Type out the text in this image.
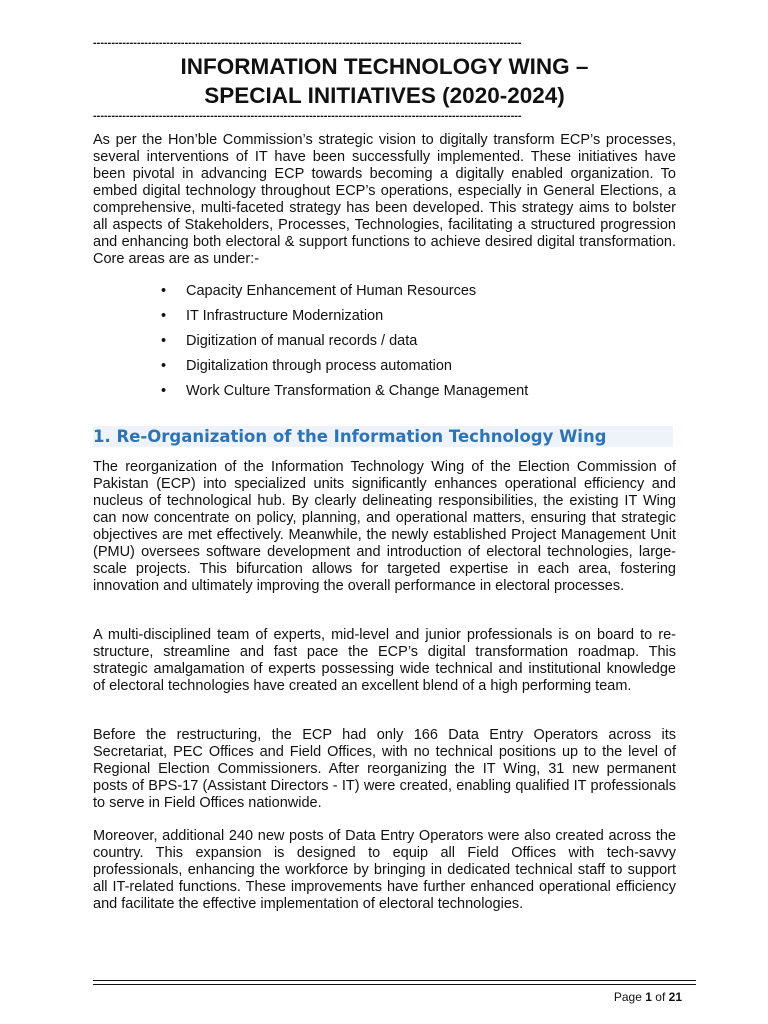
---------------------------------------------------------------------------------------------------------------------
INFORMATION TECHNOLOGY WING –
SPECIAL INITIATIVES (2020-2024)
---------------------------------------------------------------------------------------------------------------------

As per the Hon’ble Commission’s strategic vision to digitally transform ECP’s processes, several interventions of IT have been successfully implemented. These initiatives have been pivotal in advancing ECP towards becoming a digitally enabled organization. To embed digital technology throughout ECP’s operations, especially in General Elections, a comprehensive, multi-faceted strategy has been developed. This strategy aims to bolster all aspects of Stakeholders, Processes, Technologies, facilitating a structured progression and enhancing both electoral & support functions to achieve desired digital transformation. Core areas are as under:-

• Capacity Enhancement of Human Resources
• IT Infrastructure Modernization
• Digitization of manual records / data
• Digitalization through process automation
• Work Culture Transformation & Change Management
1. Re-Organization of the Information Technology Wing

The reorganization of the Information Technology Wing of the Election Commission of Pakistan (ECP) into specialized units significantly enhances operational efficiency and nucleus of technological hub. By clearly delineating responsibilities, the existing IT Wing can now concentrate on policy, planning, and operational matters, ensuring that strategic objectives are met effectively. Meanwhile, the newly established Project Management Unit (PMU) oversees software development and introduction of electoral technologies, large-scale projects. This bifurcation allows for targeted expertise in each area, fostering innovation and ultimately improving the overall performance in electoral processes.

A multi-disciplined team of experts, mid-level and junior professionals is on board to re-structure, streamline and fast pace the ECP’s digital transformation roadmap. This strategic amalgamation of experts possessing wide technical and institutional knowledge of electoral technologies have created an excellent blend of a high performing team.

Before the restructuring, the ECP had only 166 Data Entry Operators across its Secretariat, PEC Offices and Field Offices, with no technical positions up to the level of Regional Election Commissioners. After reorganizing the IT Wing, 31 new permanent posts of BPS-17 (Assistant Directors - IT) were created, enabling qualified IT professionals to serve in Field Offices nationwide.

Moreover, additional 240 new posts of Data Entry Operators were also created across the country. This expansion is designed to equip all Field Offices with tech-savvy professionals, enhancing the workforce by bringing in dedicated technical staff to support all IT-related functions. These improvements have further enhanced operational efficiency and facilitate the effective implementation of electoral technologies.

Page 1 of 21
